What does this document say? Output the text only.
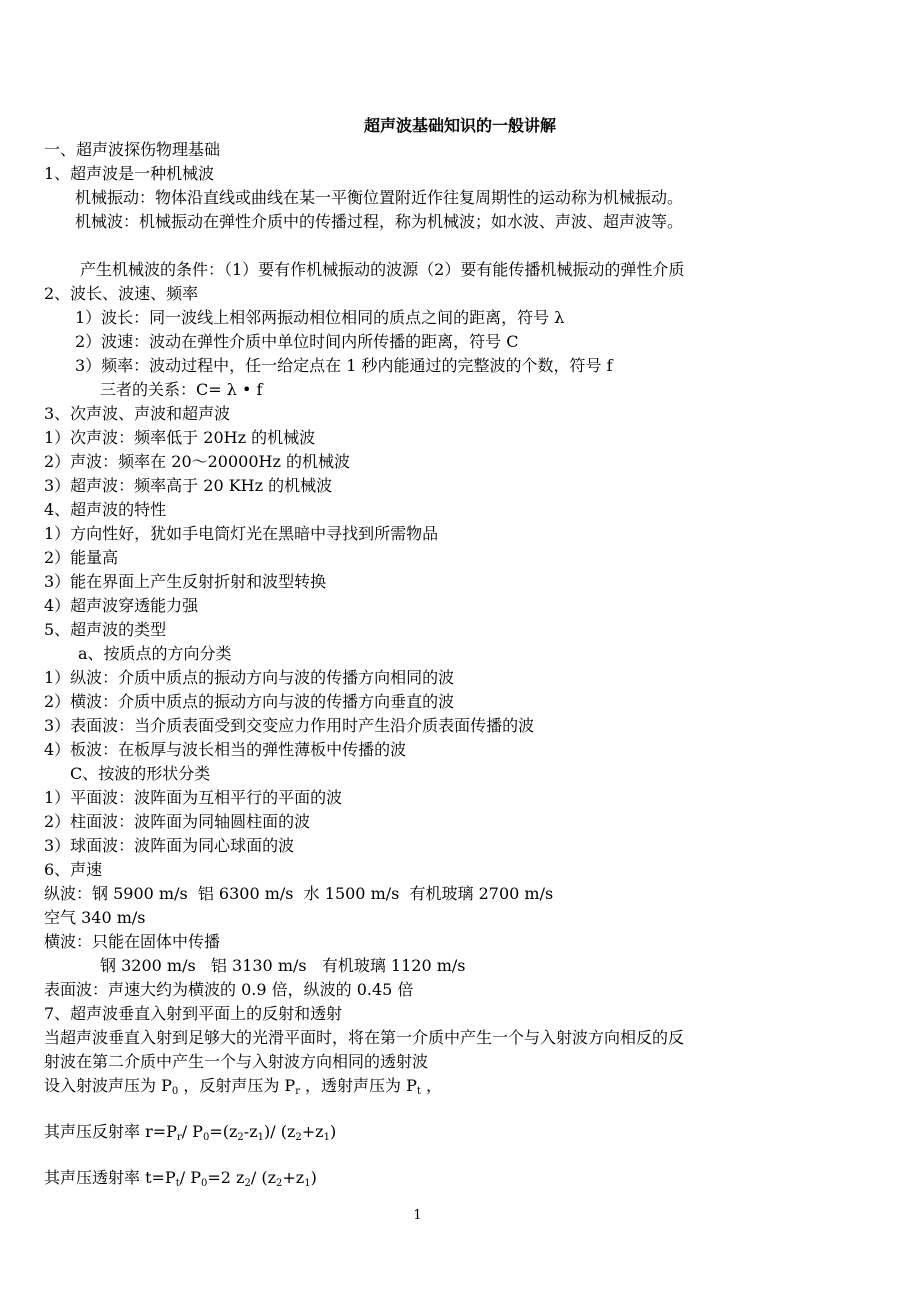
超声波基础知识的一般讲解
一、超声波探伤物理基础
1、超声波是一种机械波
机械振动：物体沿直线或曲线在某一平衡位置附近作往复周期性的运动称为机械振动。
机械波：机械振动在弹性介质中的传播过程，称为机械波；如水波、声波、超声波等。
产生机械波的条件：（1）要有作机械振动的波源（2）要有能传播机械振动的弹性介质
2、波长、波速、频率
1）波长：同一波线上相邻两振动相位相同的质点之间的距离，符号 λ
2）波速：波动在弹性介质中单位时间内所传播的距离，符号 C
3）频率：波动过程中，任一给定点在 1 秒内能通过的完整波的个数，符号 f
三者的关系：C= λ • f
3、次声波、声波和超声波
1）次声波：频率低于 20Hz 的机械波
2）声波：频率在 20～20000Hz 的机械波
3）超声波：频率高于 20 KHz 的机械波
4、超声波的特性
1）方向性好，犹如手电筒灯光在黑暗中寻找到所需物品
2）能量高
3）能在界面上产生反射折射和波型转换
4）超声波穿透能力强
5、超声波的类型
a、按质点的方向分类
1）纵波：介质中质点的振动方向与波的传播方向相同的波
2）横波：介质中质点的振动方向与波的传播方向垂直的波
3）表面波：当介质表面受到交变应力作用时产生沿介质表面传播的波
4）板波：在板厚与波长相当的弹性薄板中传播的波
C、按波的形状分类
1）平面波：波阵面为互相平行的平面的波
2）柱面波：波阵面为同轴圆柱面的波
3）球面波：波阵面为同心球面的波
6、声速
纵波：钢 5900 m/s  铝 6300 m/s  水 1500 m/s  有机玻璃 2700 m/s
空气 340 m/s
横波：只能在固体中传播
钢 3200 m/s   铝 3130 m/s   有机玻璃 1120 m/s
表面波：声速大约为横波的 0.9 倍，纵波的 0.45 倍
7、超声波垂直入射到平面上的反射和透射
当超声波垂直入射到足够大的光滑平面时，将在第一介质中产生一个与入射波方向相反的反
射波在第二介质中产生一个与入射波方向相同的透射波
设入射波声压为 $P_0$ ，反射声压为 $P_r$ ，透射声压为 $P_t$ ，
其声压反射率 $r=P_r/$ $P_0=(z_2-z_1)/$ $(z_2+z_1)$
其声压透射率 $t=P_t/$ $P_0=2$ $z_2/$ $(z_2+z_1)$
1
